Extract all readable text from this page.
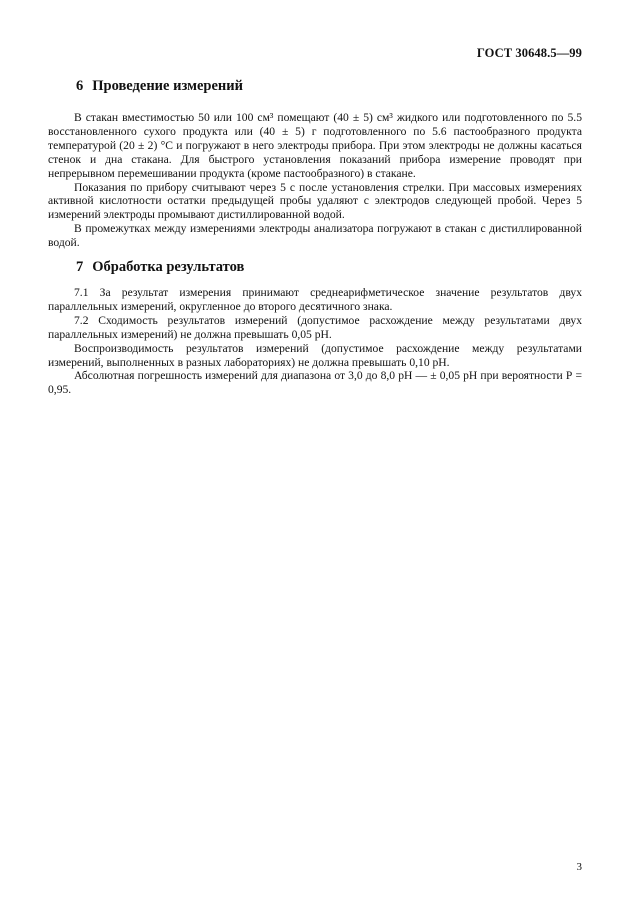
ГОСТ 30648.5—99
6 Проведение измерений

В стакан вместимостью 50 или 100 см³ помещают (40 ± 5) см³ жидкого или подготовленного по 5.5 восстановленного сухого продукта или (40 ± 5) г подготовленного по 5.6 пастообразного продукта температурой (20 ± 2) °С и погружают в него электроды прибора. При этом электроды не должны касаться стенок и дна стакана. Для быстрого установления показаний прибора измерение проводят при непрерывном перемешивании продукта (кроме пастообразного) в стакане.

Показания по прибору считывают через 5 с после установления стрелки. При массовых измерениях активной кислотности остатки предыдущей пробы удаляют с электродов следующей пробой. Через 5 измерений электроды промывают дистиллированной водой.

В промежутках между измерениями электроды анализатора погружают в стакан с дистиллированной водой.

7 Обработка результатов

7.1 За результат измерения принимают среднеарифметическое значение результатов двух параллельных измерений, округленное до второго десятичного знака.

7.2 Сходимость результатов измерений (допустимое расхождение между результатами двух параллельных измерений) не должна превышать 0,05 рН.

Воспроизводимость результатов измерений (допустимое расхождение между результатами измерений, выполненных в разных лабораториях) не должна превышать 0,10 рН.

Абсолютная погрешность измерений для диапазона от 3,0 до 8,0 рН — ± 0,05 рН при вероятности Р = 0,95.

3
